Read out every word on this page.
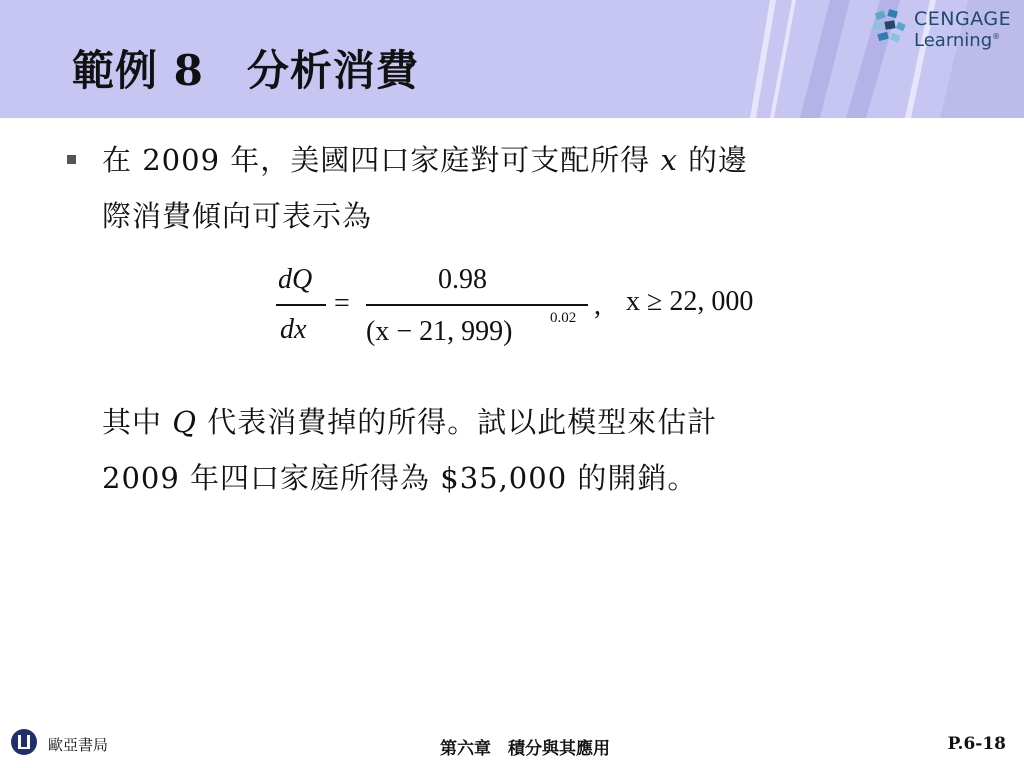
範例 8　分析消費
CENGAGE
Learning®
在 2009 年，美國四口家庭對可支配所得 x 的邊
際消費傾向可表示為
dQ
dx
=
0.98
(x − 21, 999)	0.02 , x ≥ 22, 000
其中 Q 代表消費掉的所得。試以此模型來估計
2009 年四口家庭所得為 $35,000 的開銷。
歐亞書局	第六章　積分與其應用	P.6-18
